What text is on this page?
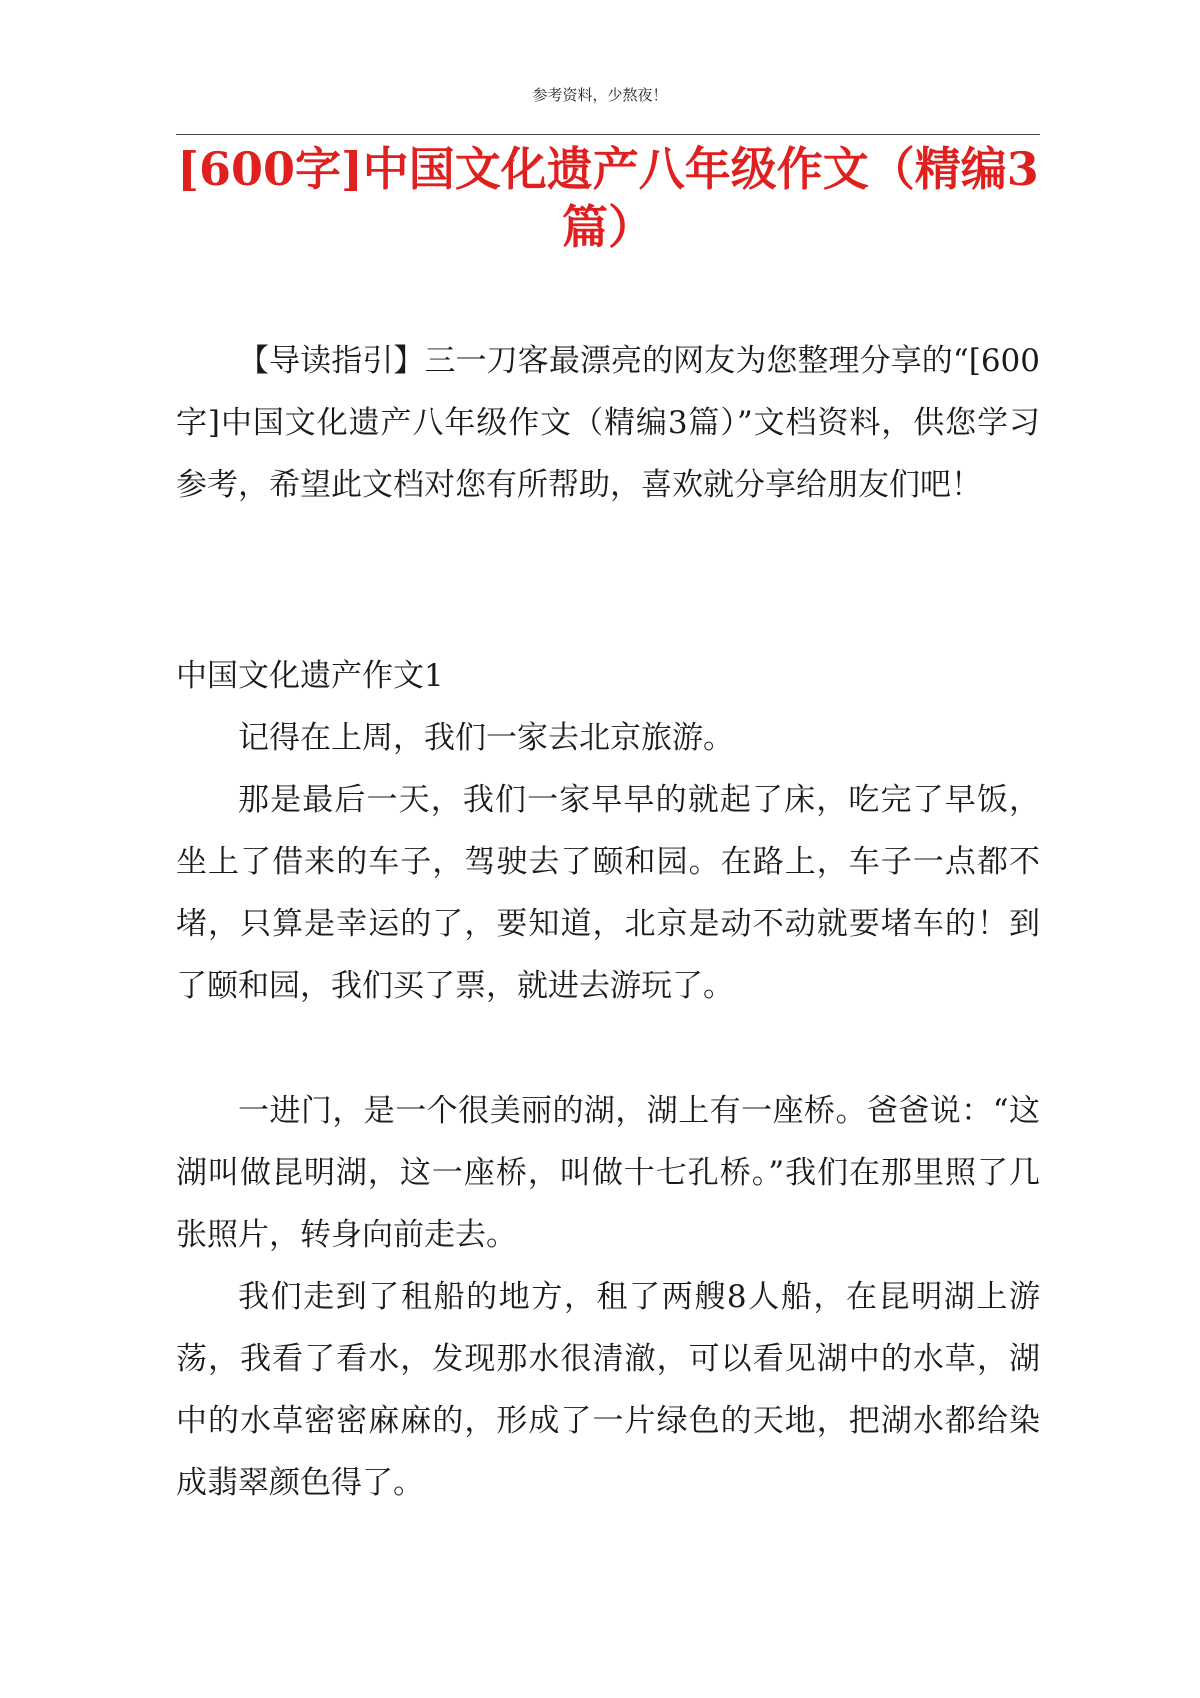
参考资料，少熬夜！
[600字]中国文化遗产八年级作文（精编3篇）

【导读指引】三一刀客最漂亮的网友为您整理分享的“[600字]中国文化遗产八年级作文（精编3篇）”文档资料，供您学习参考，希望此文档对您有所帮助，喜欢就分享给朋友们吧！

中国文化遗产作文1

记得在上周，我们一家去北京旅游。

那是最后一天，我们一家早早的就起了床，吃完了早饭，坐上了借来的车子，驾驶去了颐和园。在路上，车子一点都不堵，只算是幸运的了，要知道，北京是动不动就要堵车的！到了颐和园，我们买了票，就进去游玩了。

一进门，是一个很美丽的湖，湖上有一座桥。爸爸说：“这湖叫做昆明湖，这一座桥，叫做十七孔桥。”我们在那里照了几张照片，转身向前走去。

我们走到了租船的地方，租了两艘8人船，在昆明湖上游荡，我看了看水，发现那水很清澈，可以看见湖中的水草，湖中的水草密密麻麻的，形成了一片绿色的天地，把湖水都给染成翡翠颜色得了。
